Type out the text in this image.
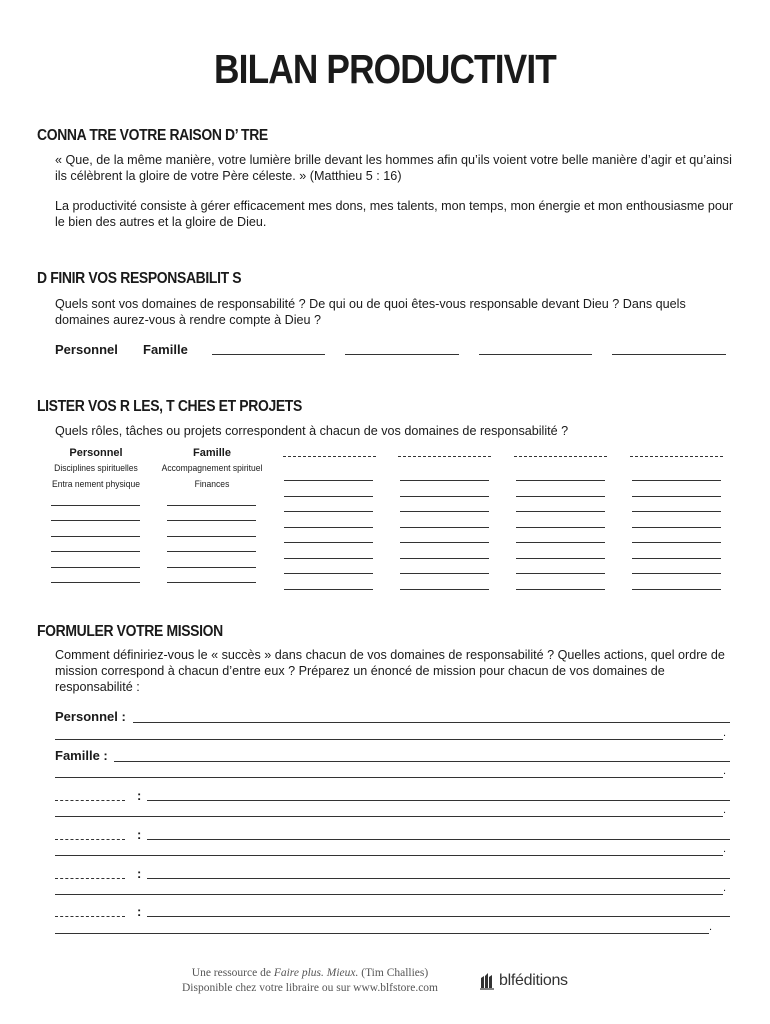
BILAN PRODUCTIVIT
CONNA TRE VOTRE RAISON D’ TRE

« Que, de la même manière, votre lumière brille devant les hommes afin qu’ils voient votre belle manière d’agir et qu’ainsi ils célèbrent la gloire de votre Père céleste. » (Matthieu 5 : 16)

La productivité consiste à gérer efficacement mes dons, mes talents, mon temps, mon énergie et mon enthousiasme pour le bien des autres et la gloire de Dieu.

D FINIR VOS RESPONSABILIT S

Quels sont vos domaines de responsabilité ? De qui ou de quoi êtes-vous responsable devant Dieu ? Dans quels domaines aurez-vous à rendre compte à Dieu ?

Personnel Famille
LISTER VOS R LES, T CHES ET PROJETS

Quels rôles, tâches ou projets correspondent à chacun de vos domaines de responsabilité ?

Personnel
Disciplines spirituelles
Entra nement physique
Famille
Accompagnement spirituel
Finances
FORMULER VOTRE MISSION

Comment définiriez-vous le « succès » dans chacun de vos domaines de responsabilité ? Quelles actions, quel ordre de mission correspond à chacun d’entre eux ? Préparez un énoncé de mission pour chacun de vos domaines de responsabilité :

Personnel :
.
Famille :
.
:
.
:
.
:
.
:
.
Une ressource de Faire plus. Mieux. (Tim Challies)
Disponible chez votre libraire ou sur www.blfstore.com	blféditions
